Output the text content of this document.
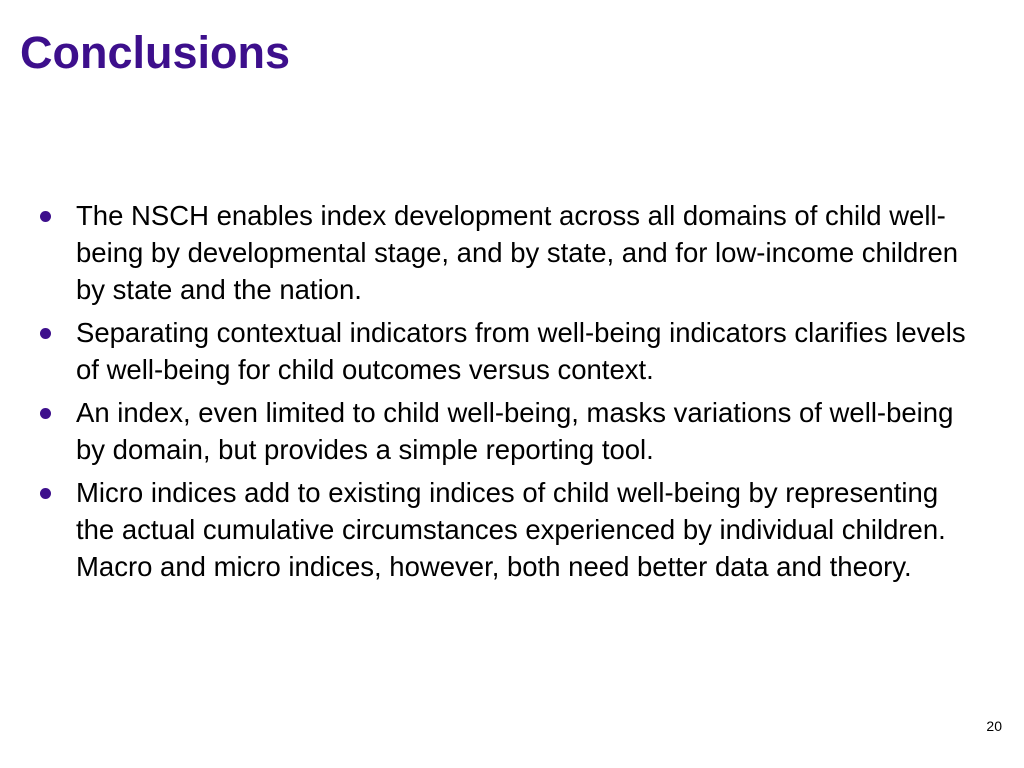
Conclusions
The NSCH enables index development across all domains of child well-being by developmental stage, and by state, and for low-income children by state and the nation.
Separating contextual indicators from well-being indicators clarifies levels of well-being for child outcomes versus context.
An index, even limited to child well-being, masks variations of well-being by domain, but provides a simple reporting tool.
Micro indices add to existing indices of child well-being by representing the actual cumulative circumstances experienced by individual children. Macro and micro indices, however, both need better data and theory.
20
